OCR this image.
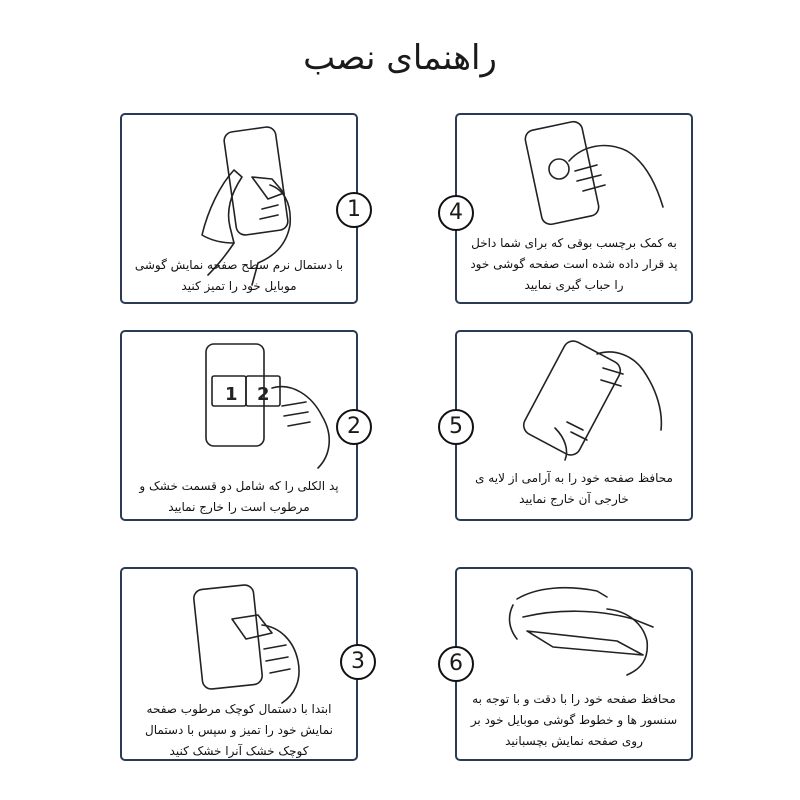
راهنمای نصب
با دستمال نرم سطح صفحه نمایش گوشی موبایل خود را تمیز کنید
1
1 2
پد الکلی را که شامل دو قسمت خشک و مرطوب است را خارج نمایید
2
ابتدا با دستمال کوچک مرطوب صفحه نمایش خود را تمیز و سپس با دستمال کوچک خشک آنرا خشک کنید
3
به کمک برچسب بوقی که برای شما داخل پد قرار داده شده است صفحه گوشی خود را حباب گیری نمایید
4
محافظ صفحه خود را به آرامی از لایه ی خارجی آن خارج نمایید
5
محافظ صفحه خود را با دقت و با توجه به سنسور ها و خطوط گوشی موبایل خود بر روی صفحه نمایش بچسبانید
6
